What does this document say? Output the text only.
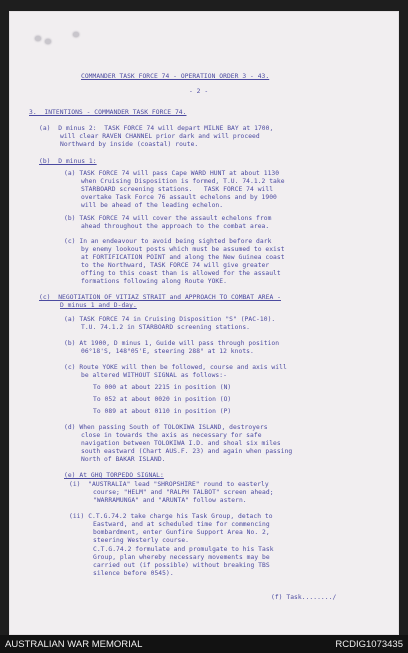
COMMANDER TASK FORCE 74 - OPERATION ORDER 3 - 43.
- 2 -
3.  INTENTIONS - COMMANDER TASK FORCE 74.
(a)  D minus 2:  TASK FORCE 74 will depart MILNE BAY at 1700,
will clear RAVEN CHANNEL prior dark and will proceed
Northward by inside (coastal) route.
(b)  D minus 1:
(a) TASK FORCE 74 will pass Cape WARD HUNT at about 1130
when Cruising Disposition is formed, T.U. 74.1.2 take
STARBOARD screening stations.   TASK FORCE 74 will
overtake Task Force 76 assault echelons and by 1900
will be ahead of the leading echelon.
(b) TASK FORCE 74 will cover the assault echelons from
ahead throughout the approach to the combat area.
(c) In an endeavour to avoid being sighted before dark
by enemy lookout posts which must be assumed to exist
at FORTIFICATION POINT and along the New Guinea coast
to the Northward, TASK FORCE 74 will give greater
offing to this coast than is allowed for the assault
formations following along Route YOKE.
(c)  NEGOTIATION OF VITIAZ STRAIT and APPROACH TO COMBAT AREA -
D minus 1 and D-day.
(a) TASK FORCE 74 in Cruising Disposition "S" (PAC-10).
T.U. 74.1.2 in STARBOARD screening stations.
(b) At 1900, D minus 1, Guide will pass through position
06°18'S, 148°05'E, steering 288° at 12 knots.
(c) Route YOKE will then be followed, course and axis will
be altered WITHOUT SIGNAL as follows:-
To 000 at about 2215 in position (N)
To 052 at about 0020 in position (O)
To 089 at about 0110 in position (P)
(d) When passing South of TOLOKIWA ISLAND, destroyers
close in towards the axis as necessary for safe
navigation between TOLOKIWA I.D. and shoal six miles
south eastward (Chart AUS.F. 23) and again when passing
North of BAKAR ISLAND.
(e) At GHQ TORPEDO SIGNAL:
(i)  "AUSTRALIA" lead "SHROPSHIRE" round to easterly
course; "HELM" and "RALPH TALBOT" screen ahead;
"WARRAMUNGA" and "ARUNTA" follow astern.
(ii) C.T.G.74.2 take charge his Task Group, detach to
Eastward, and at scheduled time for commencing
bombardment, enter Gunfire Support Area No. 2,
steering Westerly course.
C.T.G.74.2 formulate and promulgate to his Task
Group, plan whereby necessary movements may be
carried out (if possible) without breaking TBS
silence before 0545).
(f) Task......../
AUSTRALIAN WAR MEMORIAL	RCDIG1073435
